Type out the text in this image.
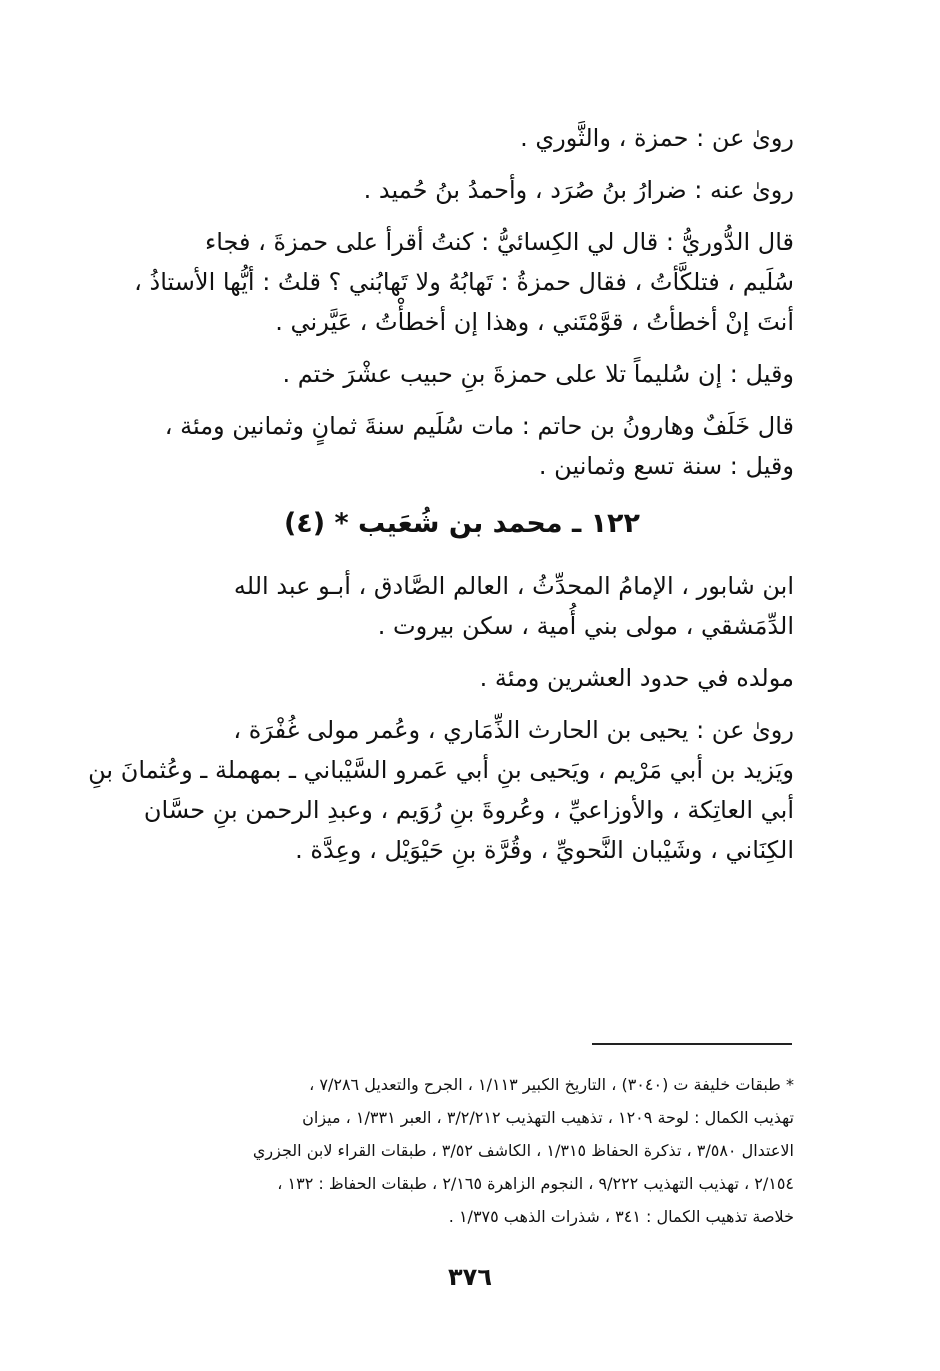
روىٰ عن : حمزة ، والثَّوري .
روىٰ عنه : ضرارُ بنُ صُرَد ، وأحمدُ بنُ حُميد .
قال الدُّوريُّ : قال لي الكِسائيُّ : كنتُ أقرأ على حمزةَ ، فجاء
سُلَيم ، فتلكَّأتُ ، فقال حمزةُ : تَهابُهُ ولا تَهابُني ؟ قلتُ : أيُّها الأستاذُ ،
أنتَ إنْ أخطأتُ ، قوَّمْتَني ، وهذا إن أخطأْتُ ، عَيَّرني .
وقيل : إن سُليماً تلا على حمزةَ بنِ حبيب عشْرَ ختم .
قال خَلَفٌ وهارونُ بن حاتم : مات سُلَيم سنةَ ثمانٍ وثمانين ومئة ،
وقيل : سنة تسع وثمانين .
١٢٢ ـ محمد بن شُعَيب * (٤)
ابن شابور ، الإمامُ المحدِّثُ ، العالم الصَّادق ، أبـو عبد الله
الدِّمَشقي ، مولى بني أُمية ، سكن بيروت .
مولده في حدود العشرين ومئة .
روىٰ عن : يحيى بن الحارث الذِّمَاري ، وعُمر مولى غُفْرَة ،
ويَزيد بن أبي مَرْيم ، ويَحيى بنِ أبي عَمرو السَّيْباني ـ بمهملة ـ وعُثمانَ بنِ
أبي العاتِكة ، والأوزاعيِّ ، وعُروةَ بنِ رُوَيم ، وعبدِ الرحمن بنِ حسَّان
الكِنَاني ، وشَيْبان النَّحويِّ ، وقُرَّة بنِ حَيْوَيْل ، وعِدَّة .
* طبقات خليفة ت (٣٠٤٠) ، التاريخ الكبير ١/١١٣ ، الجرح والتعديل ٧/٢٨٦ ،
تهذيب الكمال : لوحة ١٢٠٩ ، تذهيب التهذيب ٣/٢/٢١٢ ، العبر ١/٣٣١ ، ميزان
الاعتدال ٣/٥٨٠ ، تذكرة الحفاظ ١/٣١٥ ، الكاشف ٣/٥٢ ، طبقات القراء لابن الجزري
٢/١٥٤ ، تهذيب التهذيب ٩/٢٢٢ ، النجوم الزاهرة ٢/١٦٥ ، طبقات الحفاظ : ١٣٢ ،
خلاصة تذهيب الكمال : ٣٤١ ، شذرات الذهب ١/٣٧٥ .
٣٧٦
